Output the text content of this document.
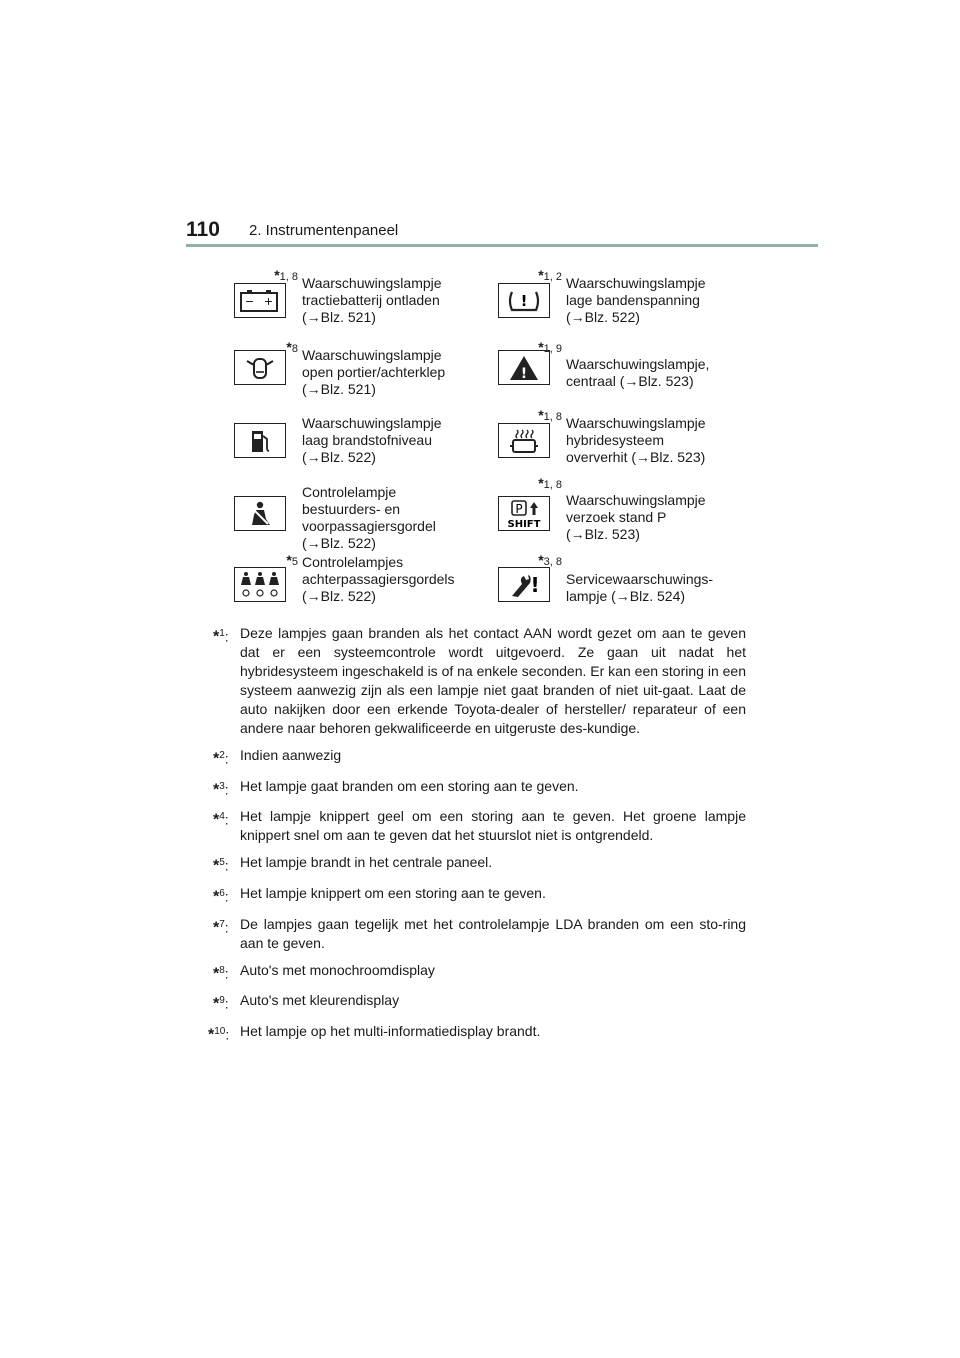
110 2. Instrumentenpaneel
*1, 8
− +
Waarschuwingslampje
tractiebatterij ontladen
(→Blz. 521)
*1, 2
!
Waarschuwingslampje
lage bandenspanning
(→Blz. 522)
*8 Waarschuwingslampje
open portier/achterklep
(→Blz. 521)
*1, 9
!
Waarschuwingslampje,
centraal (→Blz. 523)
Waarschuwingslampje
laag brandstofniveau
(→Blz. 522)
*1, 8 Waarschuwingslampje
hybridesysteem
oververhit (→Blz. 523)
Controlelampje
bestuurders- en
voorpassagiersgordel
(→Blz. 522)
*1, 8
P
SHIFT
Waarschuwingslampje
verzoek stand P
(→Blz. 523)
*5 Controlelampjes
achterpassagiersgordels
(→Blz. 522)
*3, 8
! Servicewaarschuwings-
lampje (→Blz. 524)
*$^1$: Deze lampjes gaan branden als het contact AAN wordt gezet om aan te geven dat er een systeemcontrole wordt uitgevoerd. Ze gaan uit nadat het hybridesysteem ingeschakeld is of na enkele seconden. Er kan een storing in een systeem aanwezig zijn als een lampje niet gaat branden of niet uit-gaat. Laat de auto nakijken door een erkende Toyota-dealer of hersteller/ reparateur of een andere naar behoren gekwalificeerde en uitgeruste des-kundige.
*$^2$: Indien aanwezig
*$^3$: Het lampje gaat branden om een storing aan te geven.
*$^4$: Het lampje knippert geel om een storing aan te geven. Het groene lampje knippert snel om aan te geven dat het stuurslot niet is ontgrendeld.
*$^5$: Het lampje brandt in het centrale paneel.
*$^6$: Het lampje knippert om een storing aan te geven.
*$^7$: De lampjes gaan tegelijk met het controlelampje LDA branden om een sto-ring aan te geven.
*$^8$: Auto's met monochroomdisplay
*$^9$: Auto's met kleurendisplay
*$^{10}$: Het lampje op het multi-informatiedisplay brandt.
